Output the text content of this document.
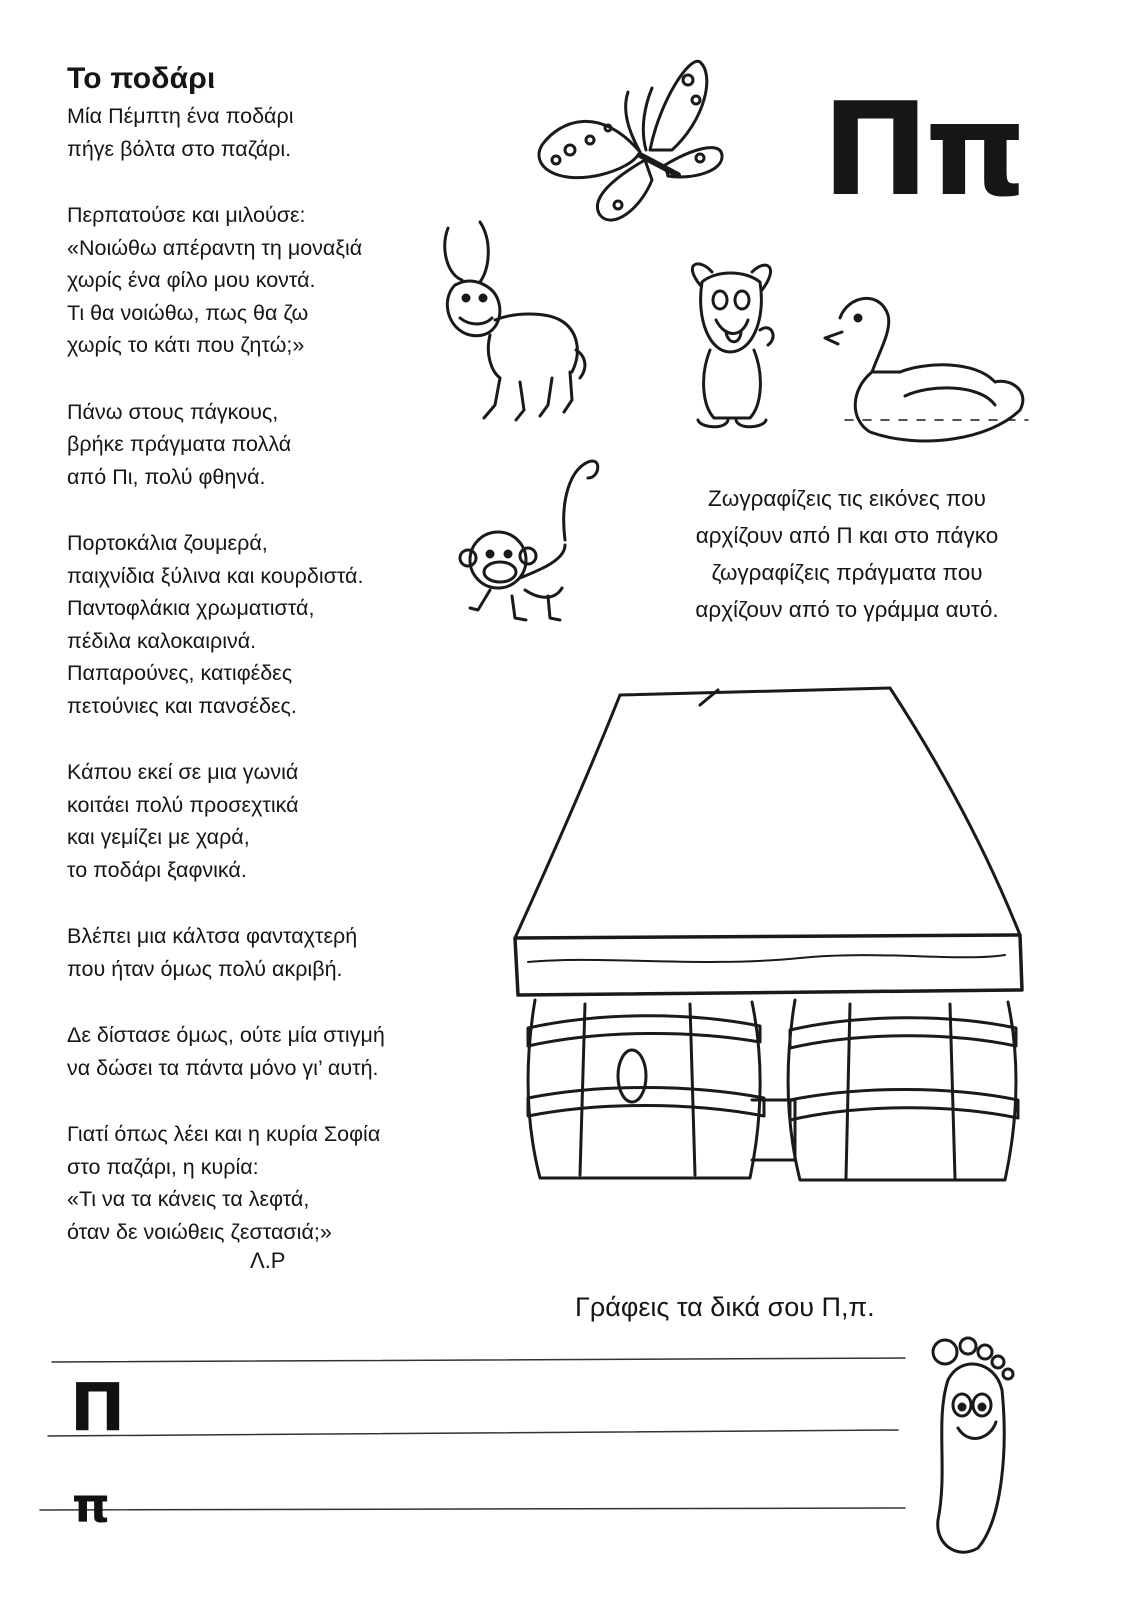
Το ποδάρι
Μία Πέμπτη ένα ποδάρι
πήγε βόλτα στο παζάρι.
Περπατούσε και μιλούσε:
«Νοιώθω απέραντη τη μοναξιά
χωρίς ένα φίλο μου κοντά.
Τι θα νοιώθω, πως θα ζω
χωρίς το κάτι που ζητώ;»
Πάνω στους πάγκους,
βρήκε πράγματα πολλά
από Πι, πολύ φθηνά.
Πορτοκάλια ζουμερά,
παιχνίδια ξύλινα και κουρδιστά.
Παντοφλάκια χρωματιστά,
πέδιλα καλοκαιρινά.
Παπαρούνες, κατιφέδες
πετούνιες και πανσέδες.
Κάπου εκεί σε μια γωνιά
κοιτάει πολύ προσεχτικά
και γεμίζει με χαρά,
το ποδάρι ξαφνικά.
Βλέπει μια κάλτσα φανταχτερή
που ήταν όμως πολύ ακριβή.
Δε δίστασε όμως, ούτε μία στιγμή
να δώσει τα πάντα μόνο γι’ αυτή.
Γιατί όπως λέει και η κυρία Σοφία
στο παζάρι, η κυρία:
«Τι να τα κάνεις τα λεφτά,
όταν δε νοιώθεις ζεστασιά;»
Λ.Ρ
Ππ
Ζωγραφίζεις τις εικόνες που
αρχίζουν από Π και στο πάγκο
ζωγραφίζεις πράγματα που
αρχίζουν από το γράμμα αυτό.
Γράφεις τα δικά σου Π,π.
Π
π
